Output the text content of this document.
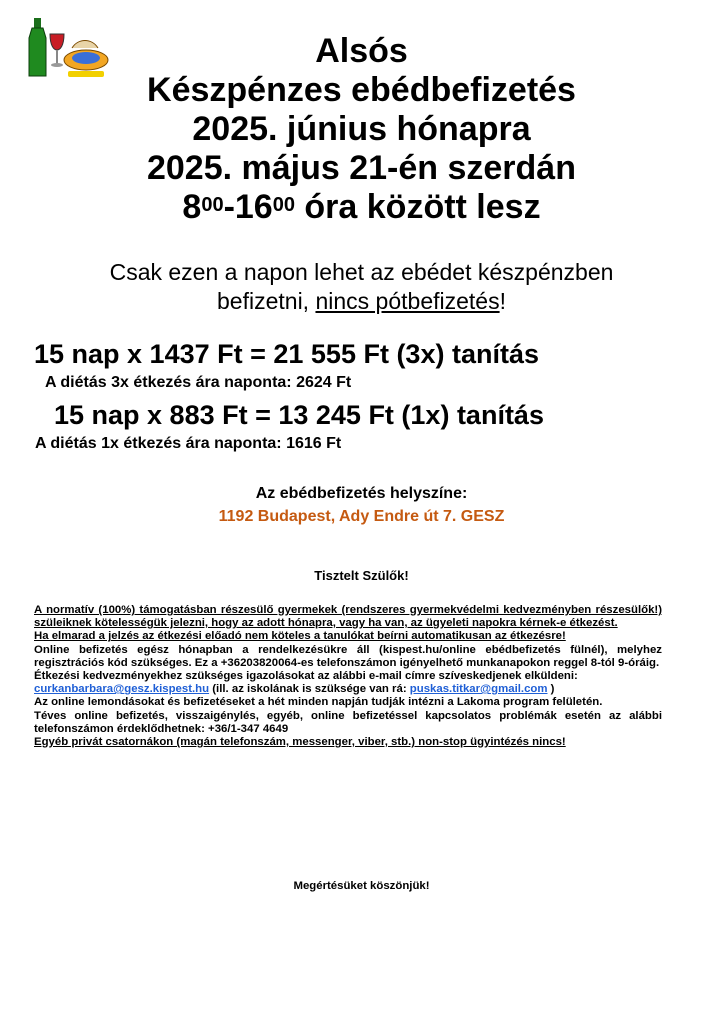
Alsós
Készpénzes ebédbefizetés
2025. június hónapra
2025. május 21-én szerdán
$8^{00}-16^{00}$ óra között lesz
Csak ezen a napon lehet az ebédet készpénzben
befizetni, nincs pótbefizetés!
15 nap x 1437 Ft = 21 555 Ft (3x) tanítás
A diétás 3x étkezés ára naponta: 2624 Ft
15 nap x 883 Ft = 13 245 Ft (1x) tanítás
A diétás 1x étkezés ára naponta: 1616 Ft
Az ebédbefizetés helyszíne:
1192 Budapest, Ady Endre út 7. GESZ
Tisztelt Szülők!

A normatív (100%) támogatásban részesülő gyermekek (rendszeres gyermekvédelmi kedvezményben részesülők!) szüleiknek kötelességük jelezni, hogy az adott hónapra, vagy ha van, az ügyeleti napokra kérnek-e étkezést.

Ha elmarad a jelzés az étkezési előadó nem köteles a tanulókat beírni automatikusan az étkezésre!

Online befizetés egész hónapban a rendelkezésükre áll (kispest.hu/online ebédbefizetés fülnél), melyhez regisztrációs kód szükséges. Ez a +36203820064-es telefonszámon igényelhető munkanapokon reggel 8-tól 9-óráig.

Étkezési kedvezményekhez szükséges igazolásokat az alábbi e-mail címre szíveskedjenek elküldeni:

curkanbarbara@gesz.kispest.hu (ill. az iskolának is szüksége van rá: puskas.titkar@gmail.com )

Az online lemondásokat és befizetéseket a hét minden napján tudják intézni a Lakoma program felületén.

Téves online befizetés, visszaigénylés, egyéb, online befizetéssel kapcsolatos problémák esetén az alábbi telefonszámon érdeklődhetnek: +36/1-347 4649

Egyéb privát csatornákon (magán telefonszám, messenger, viber, stb.) non-stop ügyintézés nincs!

Megértésüket köszönjük!
